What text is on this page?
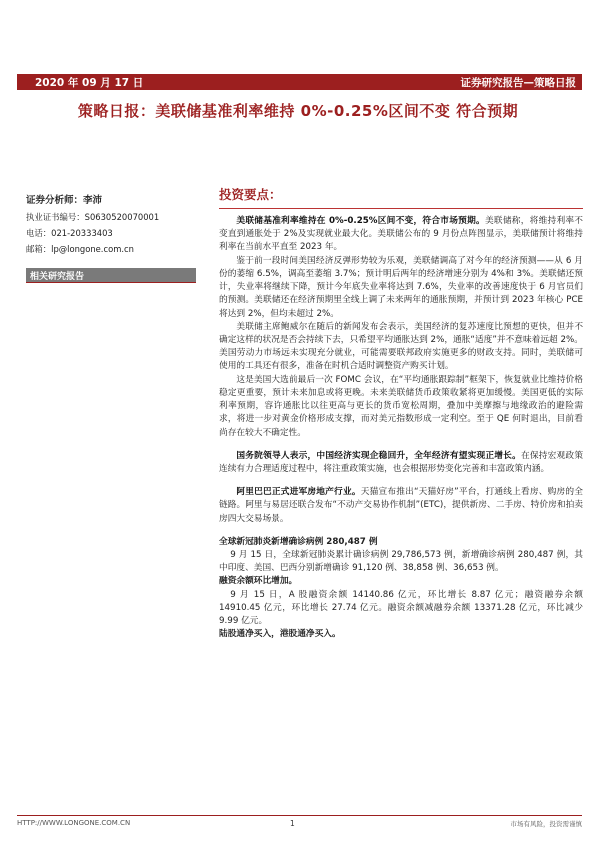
2020 年 09 月 17 日	证券研究报告—策略日报
策略日报：美联储基准利率维持 0%-0.25%区间不变 符合预期
证券分析师：李沛
执业证书编号：S0630520070001
电话：021-20333403
邮箱：lp@longone.com.cn
相关研究报告
投资要点：

美联储基准利率维持在 0%-0.25%区间不变，符合市场预期。美联储称，将维持利率不变直到通胀处于 2%及实现就业最大化。美联储公布的 9 月份点阵图显示，美联储预计将维持利率在当前水平直至 2023 年。

鉴于前一段时间美国经济反弹形势较为乐观，美联储调高了对今年的经济预测——从 6 月份的萎缩 6.5%，调高至萎缩 3.7%；预计明后两年的经济增速分别为 4%和 3%。美联储还预计，失业率将继续下降，预计今年底失业率将达到 7.6%，失业率的改善速度快于 6 月官员们的预测。美联储还在经济预期里全线上调了未来两年的通胀预期，并预计到 2023 年核心 PCE 将达到 2%，但均未超过 2%。

美联储主席鲍威尔在随后的新闻发布会表示，美国经济的复苏速度比预想的更快，但并不确定这样的状况是否会持续下去，只希望平均通胀达到 2%，通胀“适度”并不意味着远超 2%。美国劳动力市场远未实现充分就业，可能需要联邦政府实施更多的财政支持。同时，美联储可使用的工具还有很多，准备在时机合适时调整资产购买计划。

这是美国大选前最后一次 FOMC 会议，在“平均通胀跟踪制”框架下，恢复就业比维持价格稳定更重要，预计未来加息或将更晚。未来美联储货币政策收紧将更加缓慢。美国更低的实际利率预期，容许通胀比以往更高与更长的货币宽松周期，叠加中美摩擦与地缘政治的避险需求，将进一步对黄金价格形成支撑，而对美元指数形成一定利空。至于 QE 何时退出，目前看尚存在较大不确定性。

国务院领导人表示，中国经济实现企稳回升，全年经济有望实现正增长。在保持宏观政策连续有力合理适度过程中，将注重政策实施，也会根据形势变化完善和丰富政策内涵。

阿里巴巴正式进军房地产行业。天猫宣布推出“天猫好房”平台，打通线上看房、购房的全链路。阿里与易居还联合发布“不动产交易协作机制”(ETC)，提供新房、二手房、特价房和拍卖房四大交易场景。

全球新冠肺炎新增确诊病例 280,487 例
9 月 15 日，全球新冠肺炎累计确诊病例 29,786,573 例，新增确诊病例 280,487 例，其中印度、美国、巴西分别新增确诊 91,120 例、38,858 例、36,653 例。
融资余额环比增加。
9 月 15 日，A 股融资余额 14140.86 亿元，环比增长 8.87 亿元；融资融券余额 14910.45 亿元，环比增长 27.74 亿元。融资余额减融券余额 13371.28 亿元，环比减少 9.99 亿元。
陆股通净买入，港股通净买入。
HTTP://WWW.LONGONE.COM.CN	1	市场有风险，投资需谨慎
